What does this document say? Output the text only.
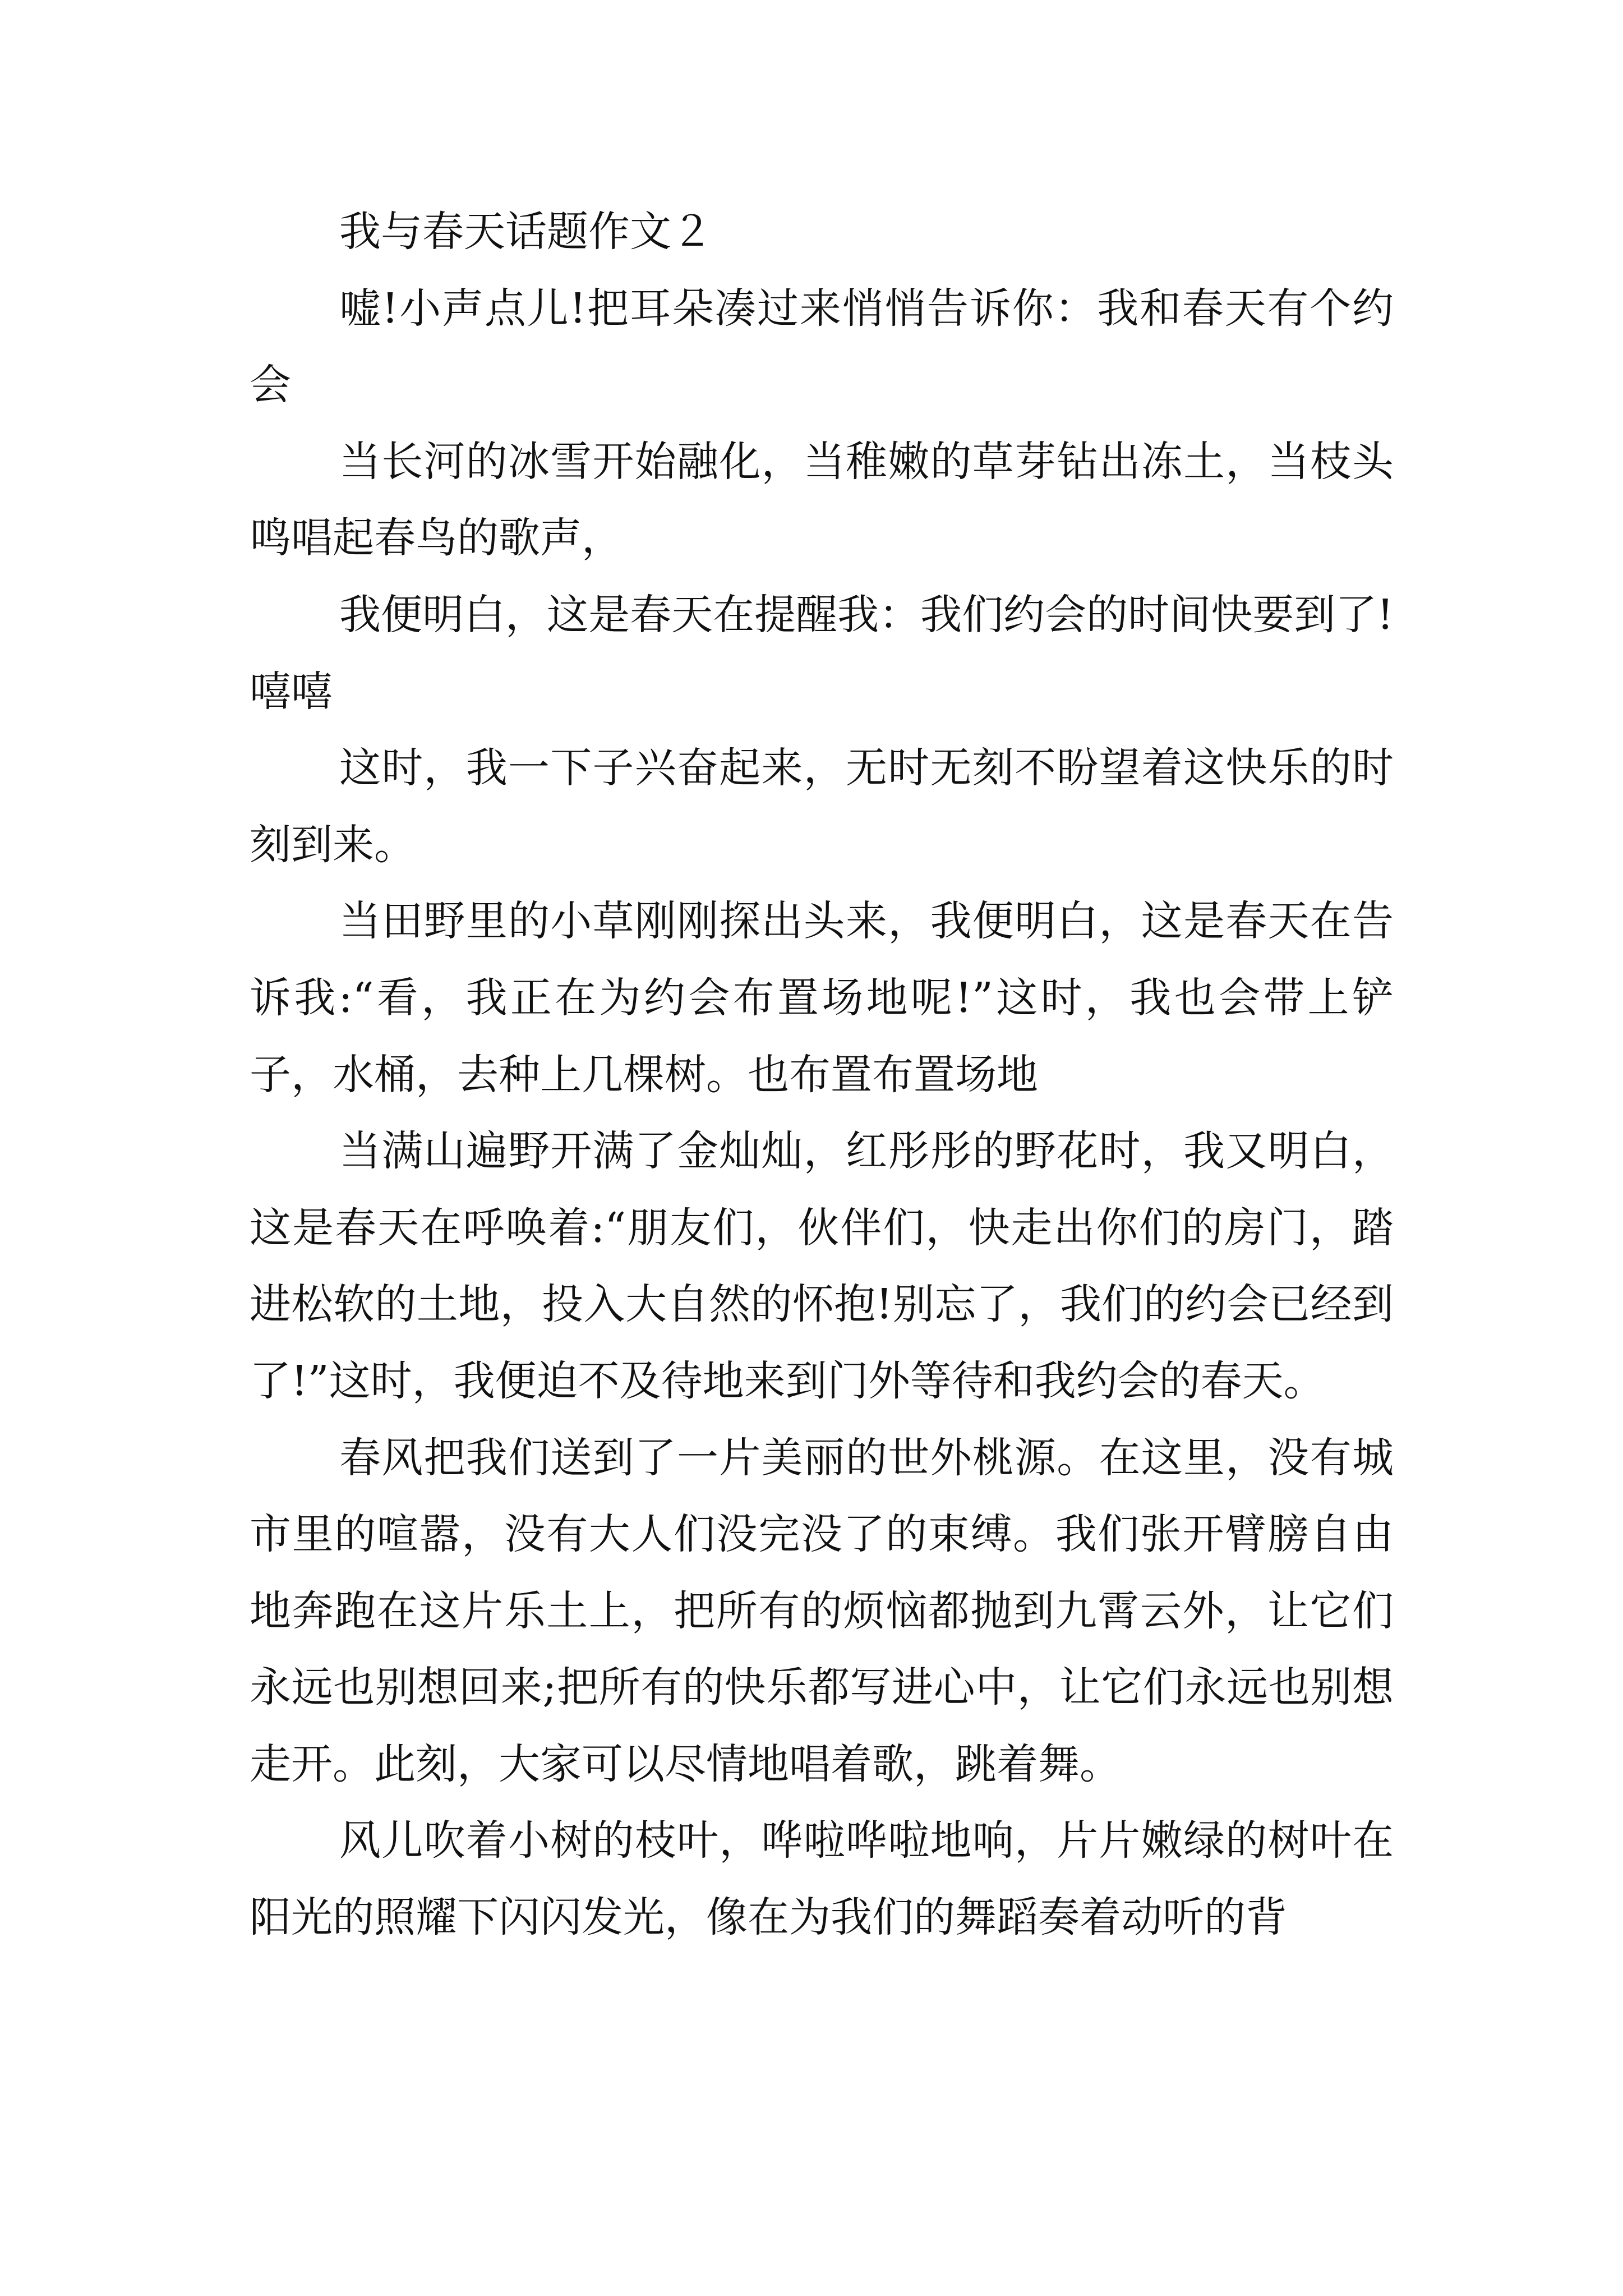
我与春天话题作文２

嘘!小声点儿!把耳朵凑过来悄悄告诉你：我和春天有个约会

当长河的冰雪开始融化，当稚嫩的草芽钻出冻土，当枝头鸣唱起春鸟的歌声，

我便明白，这是春天在提醒我：我们约会的时间快要到了!嘻嘻

这时，我一下子兴奋起来，无时无刻不盼望着这快乐的时刻到来。

当田野里的小草刚刚探出头来，我便明白，这是春天在告诉我:“看，我正在为约会布置场地呢!”这时，我也会带上铲子，水桶，去种上几棵树。也布置布置场地

当满山遍野开满了金灿灿，红彤彤的野花时，我又明白，这是春天在呼唤着:“朋友们，伙伴们，快走出你们的房门，踏进松软的土地，投入大自然的怀抱!别忘了，我们的约会已经到了!”这时，我便迫不及待地来到门外等待和我约会的春天。

春风把我们送到了一片美丽的世外桃源。在这里，没有城市里的喧嚣，没有大人们没完没了的束缚。我们张开臂膀自由地奔跑在这片乐土上，把所有的烦恼都抛到九霄云外，让它们永远也别想回来;把所有的快乐都写进心中，让它们永远也别想走开。此刻，大家可以尽情地唱着歌，跳着舞。

风儿吹着小树的枝叶，哗啦哗啦地响，片片嫩绿的树叶在阳光的照耀下闪闪发光，像在为我们的舞蹈奏着动听的背
